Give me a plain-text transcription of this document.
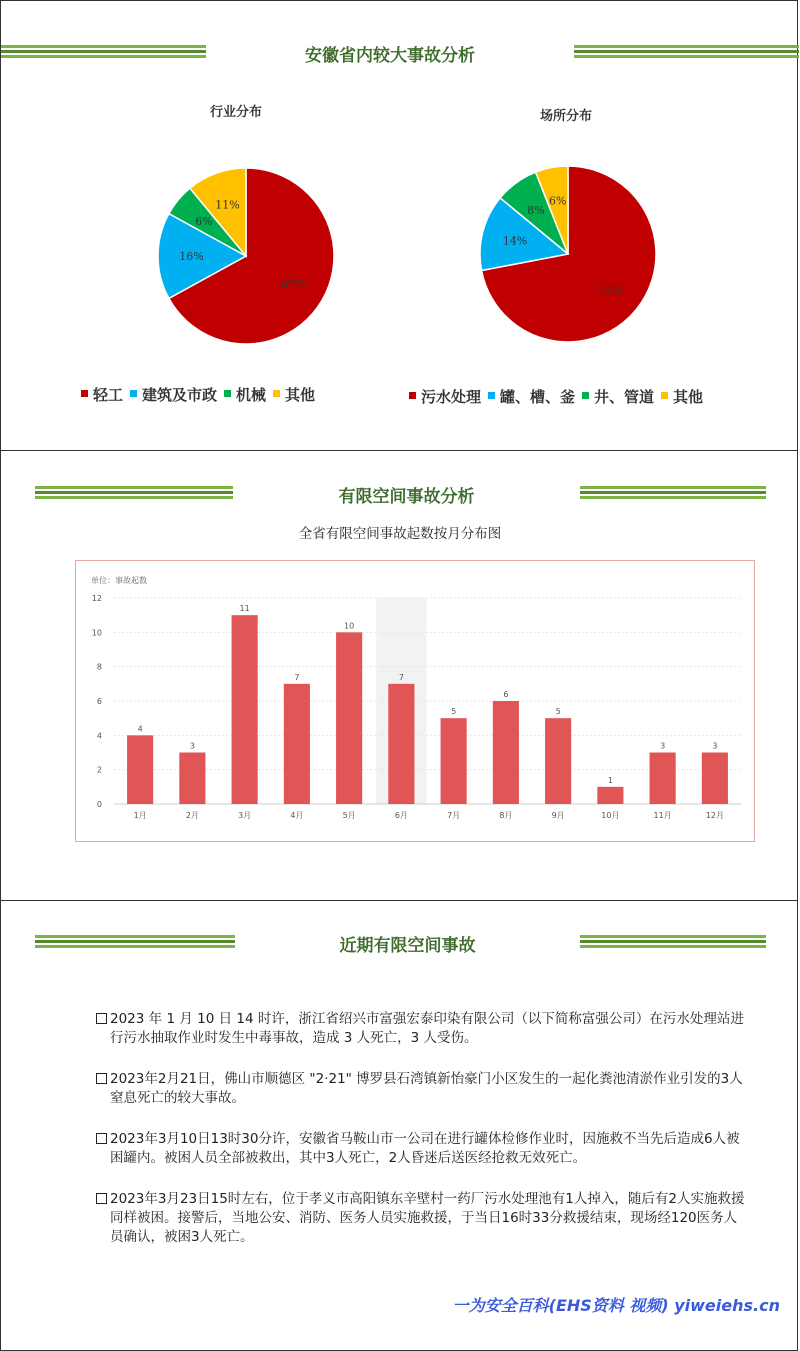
安徽省内较大事故分析
行业分布	场所分布
67%
16%
6%
11%
72%
14%
8%
6%
轻工 建筑及市政 机械 其他	污水处理 罐、槽、釜 井、管道 其他
有限空间事故分析
全省有限空间事故起数按月分布图
单位：事故起数
0
2
4
6
8
10
12
4
1月
3
2月
11
3月
7
4月
10
5月
7
6月
5
7月
6
8月
5
9月
1
10月
3
11月
3
12月
近期有限空间事故
2023 年 1 月 10 日 14 时许，浙江省绍兴市富强宏泰印染有限公司（以下简称富强公司）在污水处理站进行污水抽取作业时发生中毒事故，造成 3 人死亡，3 人受伤。
2023年2月21日，佛山市顺德区 "2·21" 博罗县石湾镇新怡豪门小区发生的一起化粪池清淤作业引发的3人窒息死亡的较大事故。
2023年3月10日13时30分许，安徽省马鞍山市一公司在进行罐体检修作业时，因施救不当先后造成6人被困罐内。被困人员全部被救出，其中3人死亡，2人昏迷后送医经抢救无效死亡。
2023年3月23日15时左右，位于孝义市高阳镇东辛壁村一药厂污水处理池有1人掉入，随后有2人实施救援同样被困。接警后，当地公安、消防、医务人员实施救援，于当日16时33分救援结束，现场经120医务人员确认，被困3人死亡。
一为安全百科(EHS资料 视频) yiweiehs.cn
